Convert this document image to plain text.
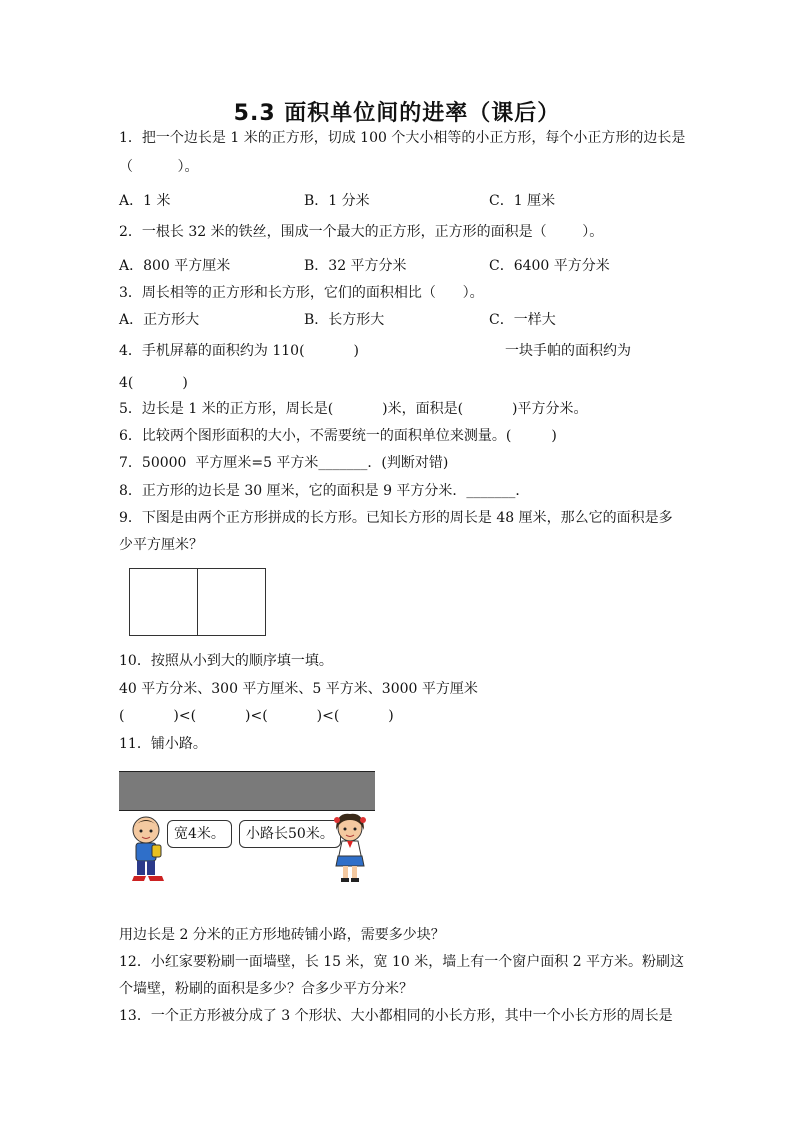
5.3 面积单位间的进率（课后）
1．把一个边长是 1 米的正方形，切成 100 个大小相等的小正方形，每个小正方形的边长是
（          ）。
A．1 米	B．1 分米	C．1 厘米
2．一根长 32 米的铁丝，围成一个最大的正方形，正方形的面积是（        ）。
A．800 平方厘米	B．32 平方分米	C．6400 平方分米
3．周长相等的正方形和长方形，它们的面积相比（      ）。
A．正方形大	B．长方形大	C．一样大
4．手机屏幕的面积约为 110(           )	一块手帕的面积约为
4(           )
5．边长是 1 米的正方形，周长是(           )米，面积是(           )平方分米。
6．比较两个图形面积的大小，不需要统一的面积单位来测量。(         )
7．50000  平方厘米=5 平方米_______．(判断对错)
8．正方形的边长是 30 厘米，它的面积是 9 平方分米．_______．
9．下图是由两个正方形拼成的长方形。已知长方形的周长是 48 厘米，那么它的面积是多
少平方厘米？
10．按照从小到大的顺序填一填。
40 平方分米、300 平方厘米、5 平方米、3000 平方厘米
(           )<(           )<(           )<(           )
11．铺小路。
宽4米。	小路长50米。
用边长是 2 分米的正方形地砖铺小路，需要多少块？
12．小红家要粉刷一面墙壁，长 15 米，宽 10 米，墙上有一个窗户面积 2 平方米。粉刷这
个墙壁，粉刷的面积是多少？合多少平方分米？
13．一个正方形被分成了 3 个形状、大小都相同的小长方形，其中一个小长方形的周长是
